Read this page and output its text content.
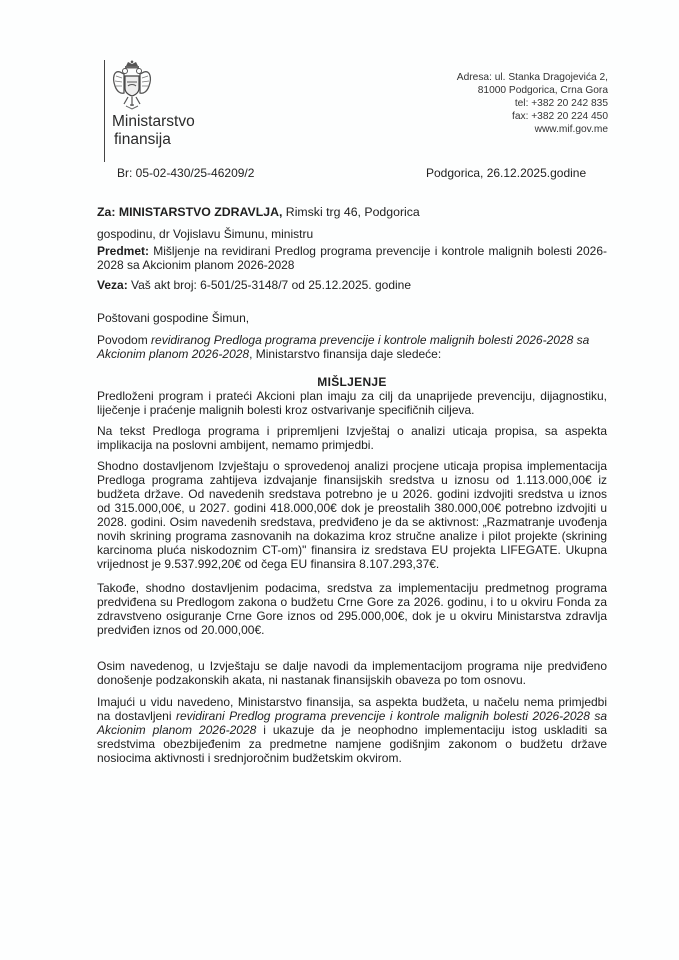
Ministarstvo
finansija
Adresa: ul. Stanka Dragojevića 2,
81000 Podgorica, Crna Gora
tel: +382 20 242 835
fax: +382 20 224 450
www.mif.gov.me
Br: 05-02-430/25-46209/2	Podgorica, 26.12.2025.godine
Za: MINISTARSTVO ZDRAVLJA, Rimski trg 46, Podgorica
gospodinu, dr Vojislavu Šimunu, ministru
Predmet: Mišljenje na revidirani Predlog programa prevencije i kontrole malignih bolesti 2026-2028 sa Akcionim planom 2026-2028
Veza: Vaš akt broj: 6-501/25-3148/7 od 25.12.2025. godine
Poštovani gospodine Šimun,
Povodom revidiranog Predloga programa prevencije i kontrole malignih bolesti 2026-2028 sa Akcionim planom 2026-2028, Ministarstvo finansija daje sledeće:
MIŠLJENJE
Predloženi program i prateći Akcioni plan imaju za cilj da unaprijede prevenciju, dijagnostiku, liječenje i praćenje malignih bolesti kroz ostvarivanje specifičnih ciljeva.
Na tekst Predloga programa i pripremljeni Izvještaj o analizi uticaja propisa, sa aspekta implikacija na poslovni ambijent, nemamo primjedbi.
Shodno dostavljenom Izvještaju o sprovedenoj analizi procjene uticaja propisa implementacija Predloga programa zahtijeva izdvajanje finansijskih sredstva u iznosu od 1.113.000,00€ iz budžeta države. Od navedenih sredstava potrebno je u 2026. godini izdvojiti sredstva u iznos od 315.000,00€, u 2027. godini 418.000,00€ dok je preostalih 380.000,00€ potrebno izdvojiti u 2028. godini. Osim navedenih sredstava, predviđeno je da se aktivnost: „Razmatranje uvođenja novih skrining programa zasnovanih na dokazima kroz stručne analize i pilot projekte (skrining karcinoma pluća niskodoznim CT-om)" finansira iz sredstava EU projekta LIFEGATE. Ukupna vrijednost je 9.537.992,20€ od čega EU finansira 8.107.293,37€.
Takođe, shodno dostavljenim podacima, sredstva za implementaciju predmetnog programa predviđena su Predlogom zakona o budžetu Crne Gore za 2026. godinu, i to u okviru Fonda za zdravstveno osiguranje Crne Gore iznos od 295.000,00€, dok je u okviru Ministarstva zdravlja predviđen iznos od 20.000,00€.
Osim navedenog, u Izvještaju se dalje navodi da implementacijom programa nije predviđeno donošenje podzakonskih akata, ni nastanak finansijskih obaveza po tom osnovu.
Imajući u vidu navedeno, Ministarstvo finansija, sa aspekta budžeta, u načelu nema primjedbi na dostavljeni revidirani Predlog programa prevencije i kontrole malignih bolesti 2026-2028 sa Akcionim planom 2026-2028 i ukazuje da je neophodno implementaciju istog uskladiti sa sredstvima obezbijeđenim za predmetne namjene godišnjim zakonom o budžetu države nosiocima aktivnosti i srednjoročnim budžetskim okvirom.
